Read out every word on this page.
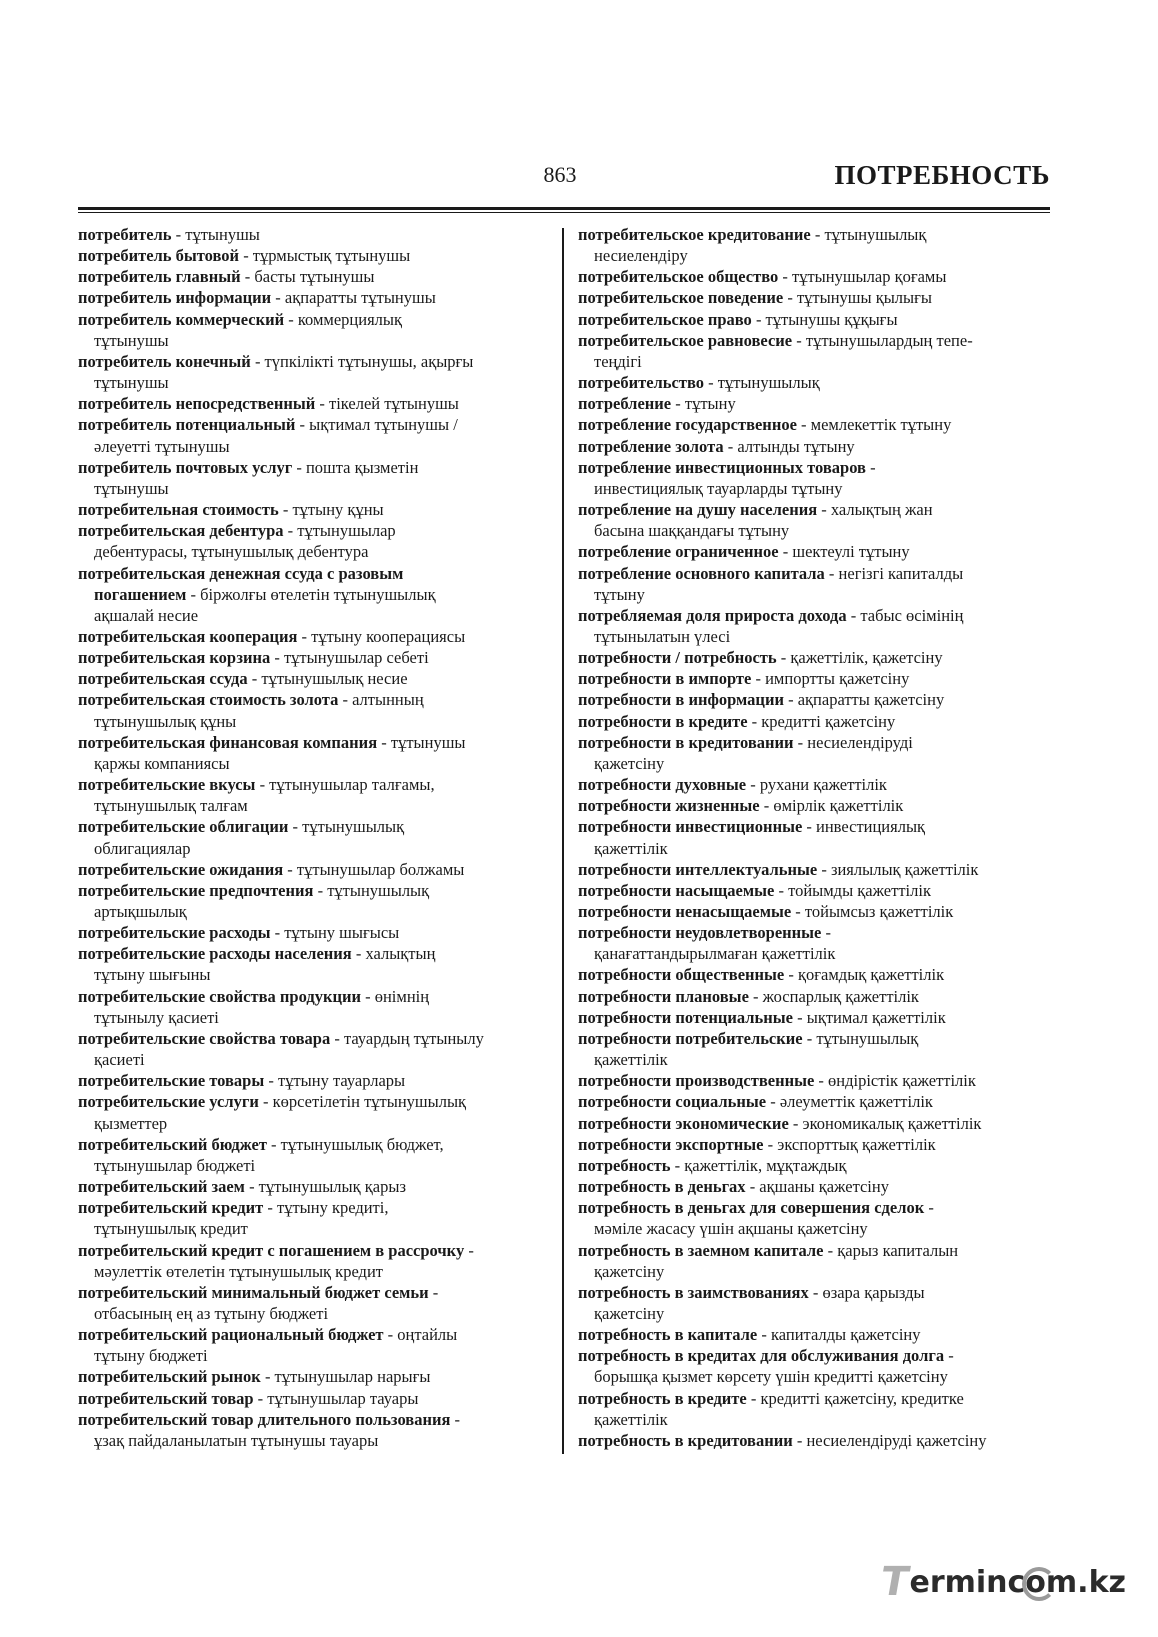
863	ПОТРЕБНОСТЬ
потребитель - тұтынушы
потребитель бытовой - тұрмыстық тұтынушы
потребитель главный - басты тұтынушы
потребитель информации - ақпаратты тұтынушы
потребитель коммерческий - коммерциялық
тұтынушы
потребитель конечный - түпкілікті тұтынушы, ақырғы
тұтынушы
потребитель непосредственный - тікелей тұтынушы
потребитель потенциальный - ықтимал тұтынушы /
әлеуетті тұтынушы
потребитель почтовых услуг - пошта қызметін
тұтынушы
потребительная стоимость - тұтыну құны
потребительская дебентура - тұтынушылар
дебентурасы, тұтынушылық дебентура
потребительская денежная ссуда с разовым
погашением - біржолғы өтелетін тұтынушылық
ақшалай несие
потребительская кооперация - тұтыну кооперациясы
потребительская корзина - тұтынушылар себеті
потребительская ссуда - тұтынушылық несие
потребительская стоимость золота - алтынның
тұтынушылық құны
потребительская финансовая компания - тұтынушы
қаржы компаниясы
потребительские вкусы - тұтынушылар талғамы,
тұтынушылық талғам
потребительские облигации - тұтынушылық
облигациялар
потребительские ожидания - тұтынушылар болжамы
потребительские предпочтения - тұтынушылық
артықшылық
потребительские расходы - тұтыну шығысы
потребительские расходы населения - халықтың
тұтыну шығыны
потребительские свойства продукции - өнімнің
тұтынылу қасиеті
потребительские свойства товара - тауардың тұтынылу
қасиеті
потребительские товары - тұтыну тауарлары
потребительские услуги - көрсетілетін тұтынушылық
қызметтер
потребительский бюджет - тұтынушылық бюджет,
тұтынушылар бюджеті
потребительский заем - тұтынушылық қарыз
потребительский кредит - тұтыну кредиті,
тұтынушылық кредит
потребительский кредит с погашением в рассрочку -
мәулеттік өтелетін тұтынушылық кредит
потребительский минимальный бюджет семьи -
отбасының ең аз тұтыну бюджеті
потребительский рациональный бюджет - оңтайлы
тұтыну бюджеті
потребительский рынок - тұтынушылар нарығы
потребительский товар - тұтынушылар тауары
потребительский товар длительного пользования -
ұзақ пайдаланылатын тұтынушы тауары
потребительское кредитование - тұтынушылық
несиелендіру
потребительское общество - тұтынушылар қоғамы
потребительское поведение - тұтынушы қылығы
потребительское право - тұтынушы құқығы
потребительское равновесие - тұтынушылардың тепе-
теңдігі
потребительство - тұтынушылық
потребление - тұтыну
потребление государственное - мемлекеттік тұтыну
потребление золота - алтынды тұтыну
потребление инвестиционных товаров -
инвестициялық тауарларды тұтыну
потребление на душу населения - халықтың жан
басына шаққандағы тұтыну
потребление ограниченное - шектеулі тұтыну
потребление основного капитала - негізгі капиталды
тұтыну
потребляемая доля прироста дохода - табыс өсімінің
тұтынылатын үлесі
потребности / потребность - қажеттілік, қажетсіну
потребности в импорте - импортты қажетсіну
потребности в информации - ақпаратты қажетсіну
потребности в кредите - кредитті қажетсіну
потребности в кредитовании - несиелендіруді
қажетсіну
потребности духовные - рухани қажеттілік
потребности жизненные - өмірлік қажеттілік
потребности инвестиционные - инвестициялық
қажеттілік
потребности интеллектуальные - зиялылық қажеттілік
потребности насыщаемые - тойымды қажеттілік
потребности ненасыщаемые - тойымсыз қажеттілік
потребности неудовлетворенные -
қанағаттандырылмаған қажеттілік
потребности общественные - қоғамдық қажеттілік
потребности плановые - жоспарлық қажеттілік
потребности потенциальные - ықтимал қажеттілік
потребности потребительские - тұтынушылық
қажеттілік
потребности производственные - өндірістік қажеттілік
потребности социальные - әлеуметтік қажеттілік
потребности экономические - экономикалық қажеттілік
потребности экспортные - экспорттық қажеттілік
потребность - қажеттілік, мұқтаждық
потребность в деньгах - ақшаны қажетсіну
потребность в деньгах для совершения сделок -
мәміле жасасу үшін ақшаны қажетсіну
потребность в заемном капитале - қарыз капиталын
қажетсіну
потребность в заимствованиях - өзара қарызды
қажетсіну
потребность в капитале - капиталды қажетсіну
потребность в кредитах для обслуживания долга -
борышқа қызмет көрсету үшін кредитті қажетсіну
потребность в кредите - кредитті қажетсіну, кредитке
қажеттілік
потребность в кредитовании - несиелендіруді қажетсіну
T
erminc o m.kz
